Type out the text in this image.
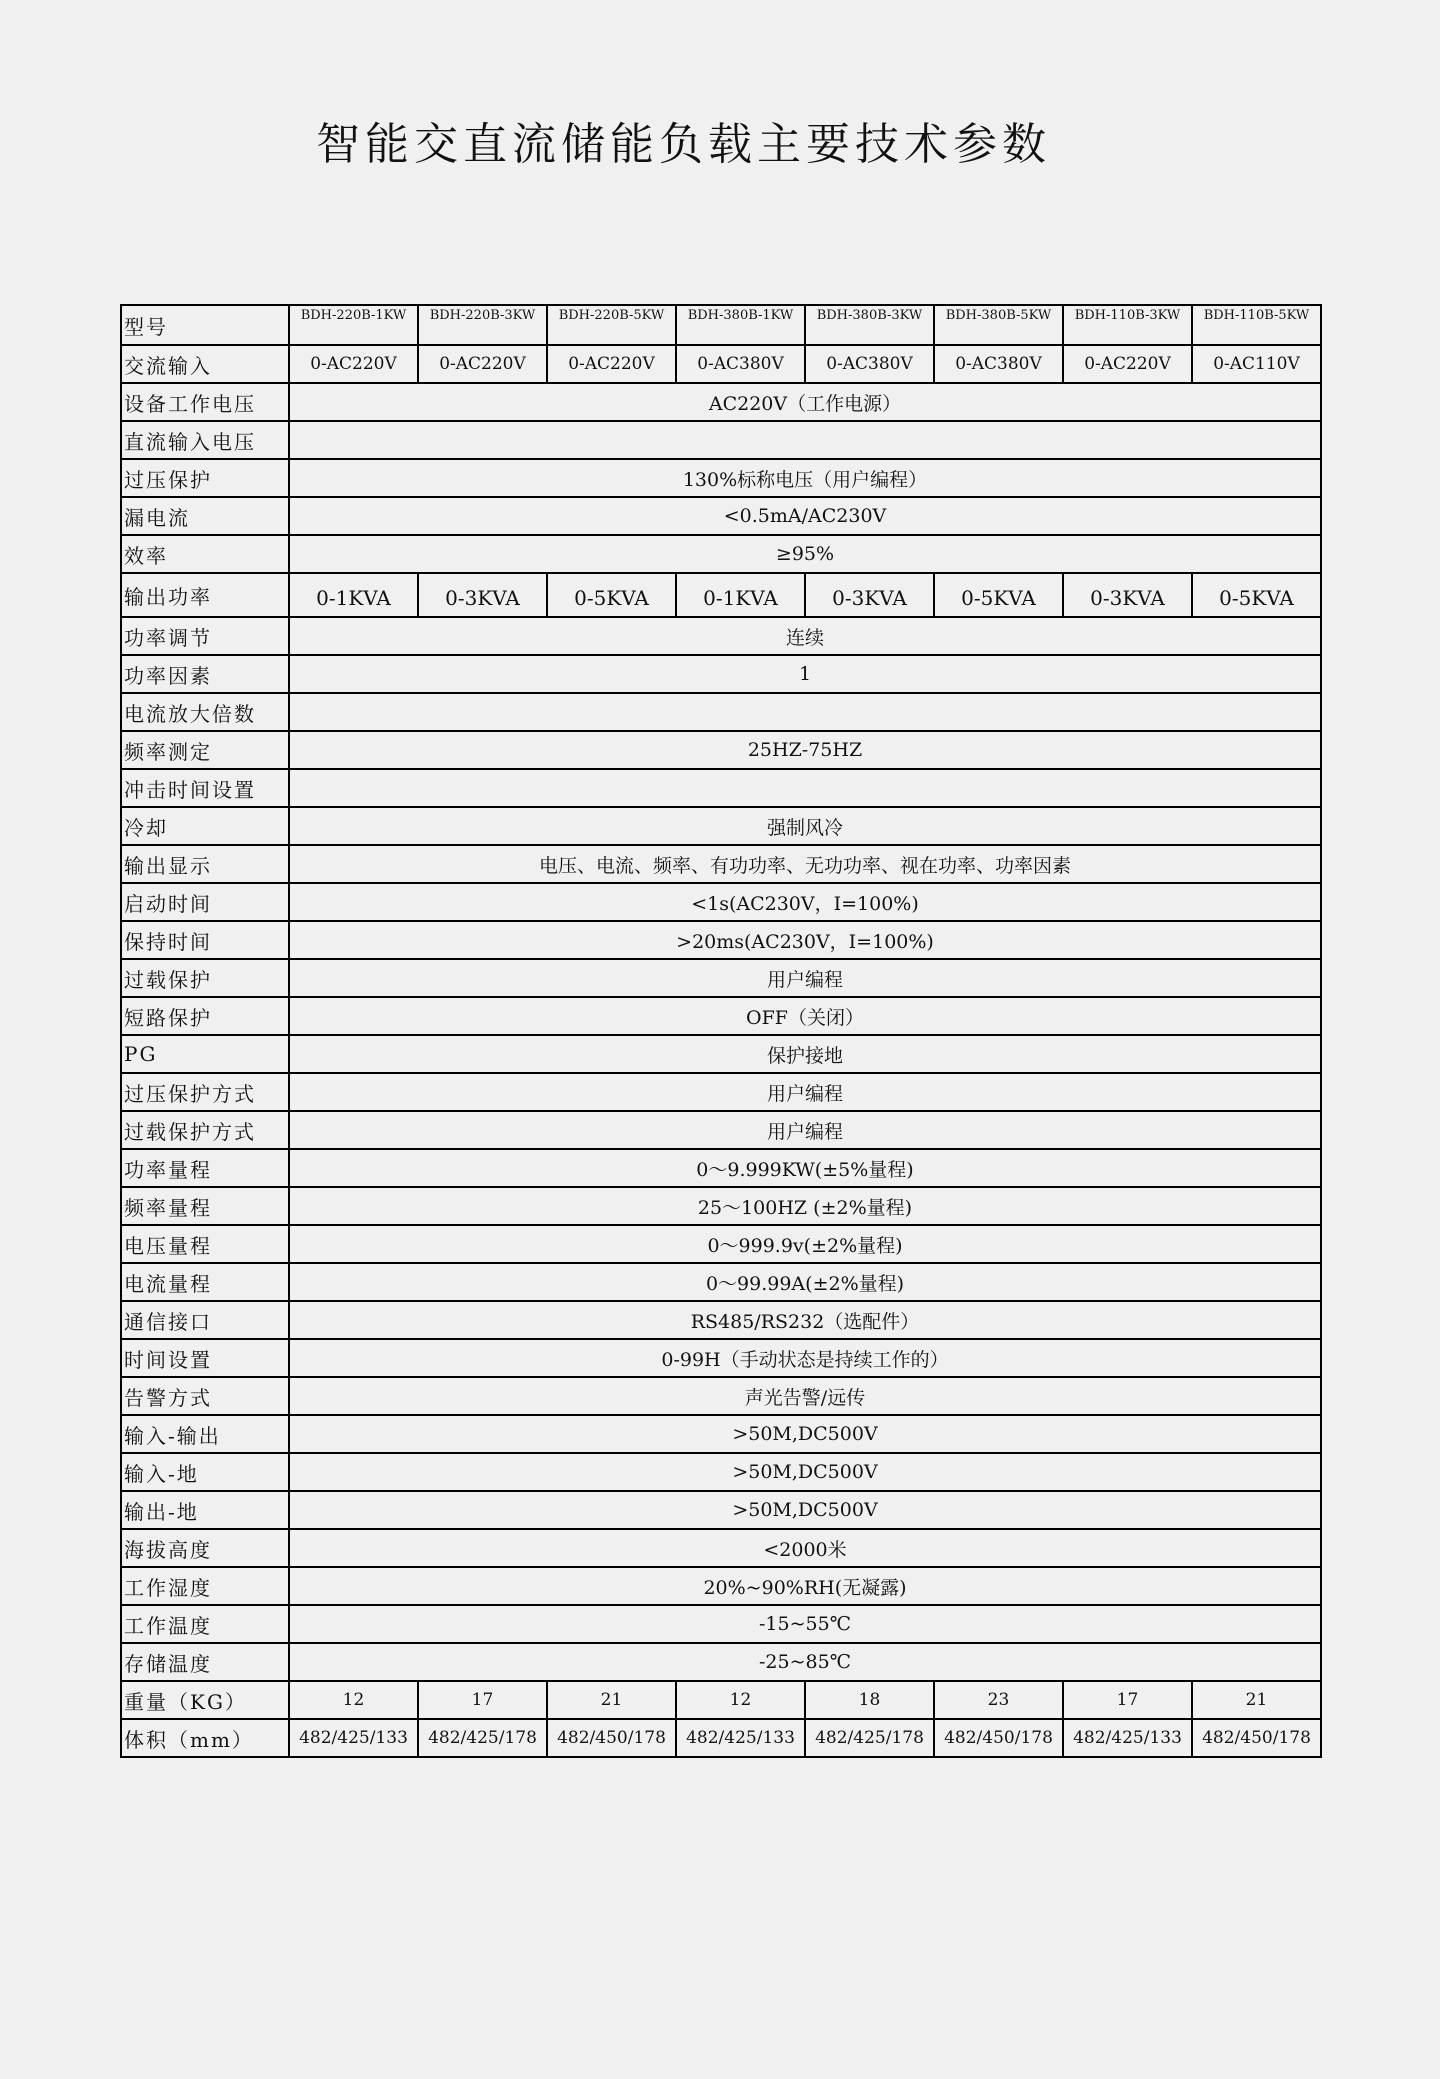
智能交直流储能负载主要技术参数
型号	BDH-220B-1KW	BDH-220B-3KW	BDH-220B-5KW	BDH-380B-1KW	BDH-380B-3KW	BDH-380B-5KW	BDH-110B-3KW	BDH-110B-5KW
交流输入	0-AC220V	0-AC220V	0-AC220V	0-AC380V	0-AC380V	0-AC380V	0-AC220V	0-AC110V
设备工作电压	AC220V（工作电源）							
直流输入电压								
过压保护	130%标称电压（用户编程）							
漏电流	<0.5mA/AC230V							
效率	≥95%							
输出功率	0-1KVA	0-3KVA	0-5KVA	0-1KVA	0-3KVA	0-5KVA	0-3KVA	0-5KVA
功率调节	连续							
功率因素	1							
电流放大倍数								
频率测定	25HZ-75HZ							
冲击时间设置								
冷却	强制风冷							
输出显示	电压、电流、频率、有功功率、无功功率、视在功率、功率因素							
启动时间	<1s(AC230V，I=100%)							
保持时间	>20ms(AC230V，I=100%)							
过载保护	用户编程							
短路保护	OFF（关闭）							
PG	保护接地							
过压保护方式	用户编程							
过载保护方式	用户编程							
功率量程	0～9.999KW(±5%量程)							
频率量程	25～100HZ (±2%量程)							
电压量程	0～999.9v(±2%量程)							
电流量程	0～99.99A(±2%量程)							
通信接口	RS485/RS232（选配件）							
时间设置	0-99H（手动状态是持续工作的）							
告警方式	声光告警/远传							
输入-输出	>50M,DC500V							
输入-地	>50M,DC500V							
输出-地	>50M,DC500V							
海拔高度	<2000米							
工作湿度	20%~90%RH(无凝露)							
工作温度	-15~55℃							
存储温度	-25~85℃							
重量（KG）	12	17	21	12	18	23	17	21
体积（mm）	482/425/133	482/425/178	482/450/178	482/425/133	482/425/178	482/450/178	482/425/133	482/450/178
